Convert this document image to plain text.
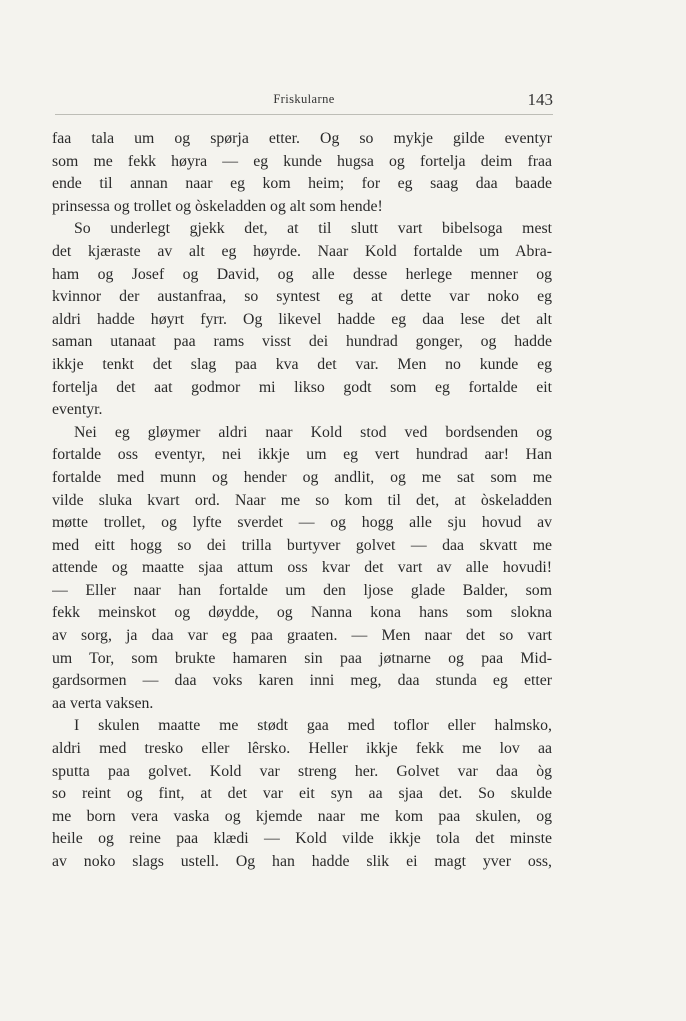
Friskularne	143
faa tala um og spørja etter. Og so mykje gilde eventyr
som me fekk høyra — eg kunde hugsa og fortelja deim fraa
ende til annan naar eg kom heim; for eg saag daa baade
prinsessa og trollet og òskeladden og alt som hende!
So underlegt gjekk det, at til slutt vart bibelsoga mest
det kjæraste av alt eg høyrde. Naar Kold fortalde um Abra-
ham og Josef og David, og alle desse herlege menner og
kvinnor der austanfraa, so syntest eg at dette var noko eg
aldri hadde høyrt fyrr. Og likevel hadde eg daa lese det alt
saman utanaat paa rams visst dei hundrad gonger, og hadde
ikkje tenkt det slag paa kva det var. Men no kunde eg
fortelja det aat godmor mi likso godt som eg fortalde eit
eventyr.
Nei eg gløymer aldri naar Kold stod ved bordsenden og
fortalde oss eventyr, nei ikkje um eg vert hundrad aar! Han
fortalde med munn og hender og andlit, og me sat som me
vilde sluka kvart ord. Naar me so kom til det, at òskeladden
møtte trollet, og lyfte sverdet — og hogg alle sju hovud av
med eitt hogg so dei trilla burtyver golvet — daa skvatt me
attende og maatte sjaa attum oss kvar det vart av alle hovudi!
— Eller naar han fortalde um den ljose glade Balder, som
fekk meinskot og døydde, og Nanna kona hans som slokna
av sorg, ja daa var eg paa graaten. — Men naar det so vart
um Tor, som brukte hamaren sin paa jøtnarne og paa Mid-
gardsormen — daa voks karen inni meg, daa stunda eg etter
aa verta vaksen.
I skulen maatte me stødt gaa med toflor eller halmsko,
aldri med tresko eller lêrsko. Heller ikkje fekk me lov aa
sputta paa golvet. Kold var streng her. Golvet var daa òg
so reint og fint, at det var eit syn aa sjaa det. So skulde
me born vera vaska og kjemde naar me kom paa skulen, og
heile og reine paa klædi — Kold vilde ikkje tola det minste
av noko slags ustell. Og han hadde slik ei magt yver oss,
